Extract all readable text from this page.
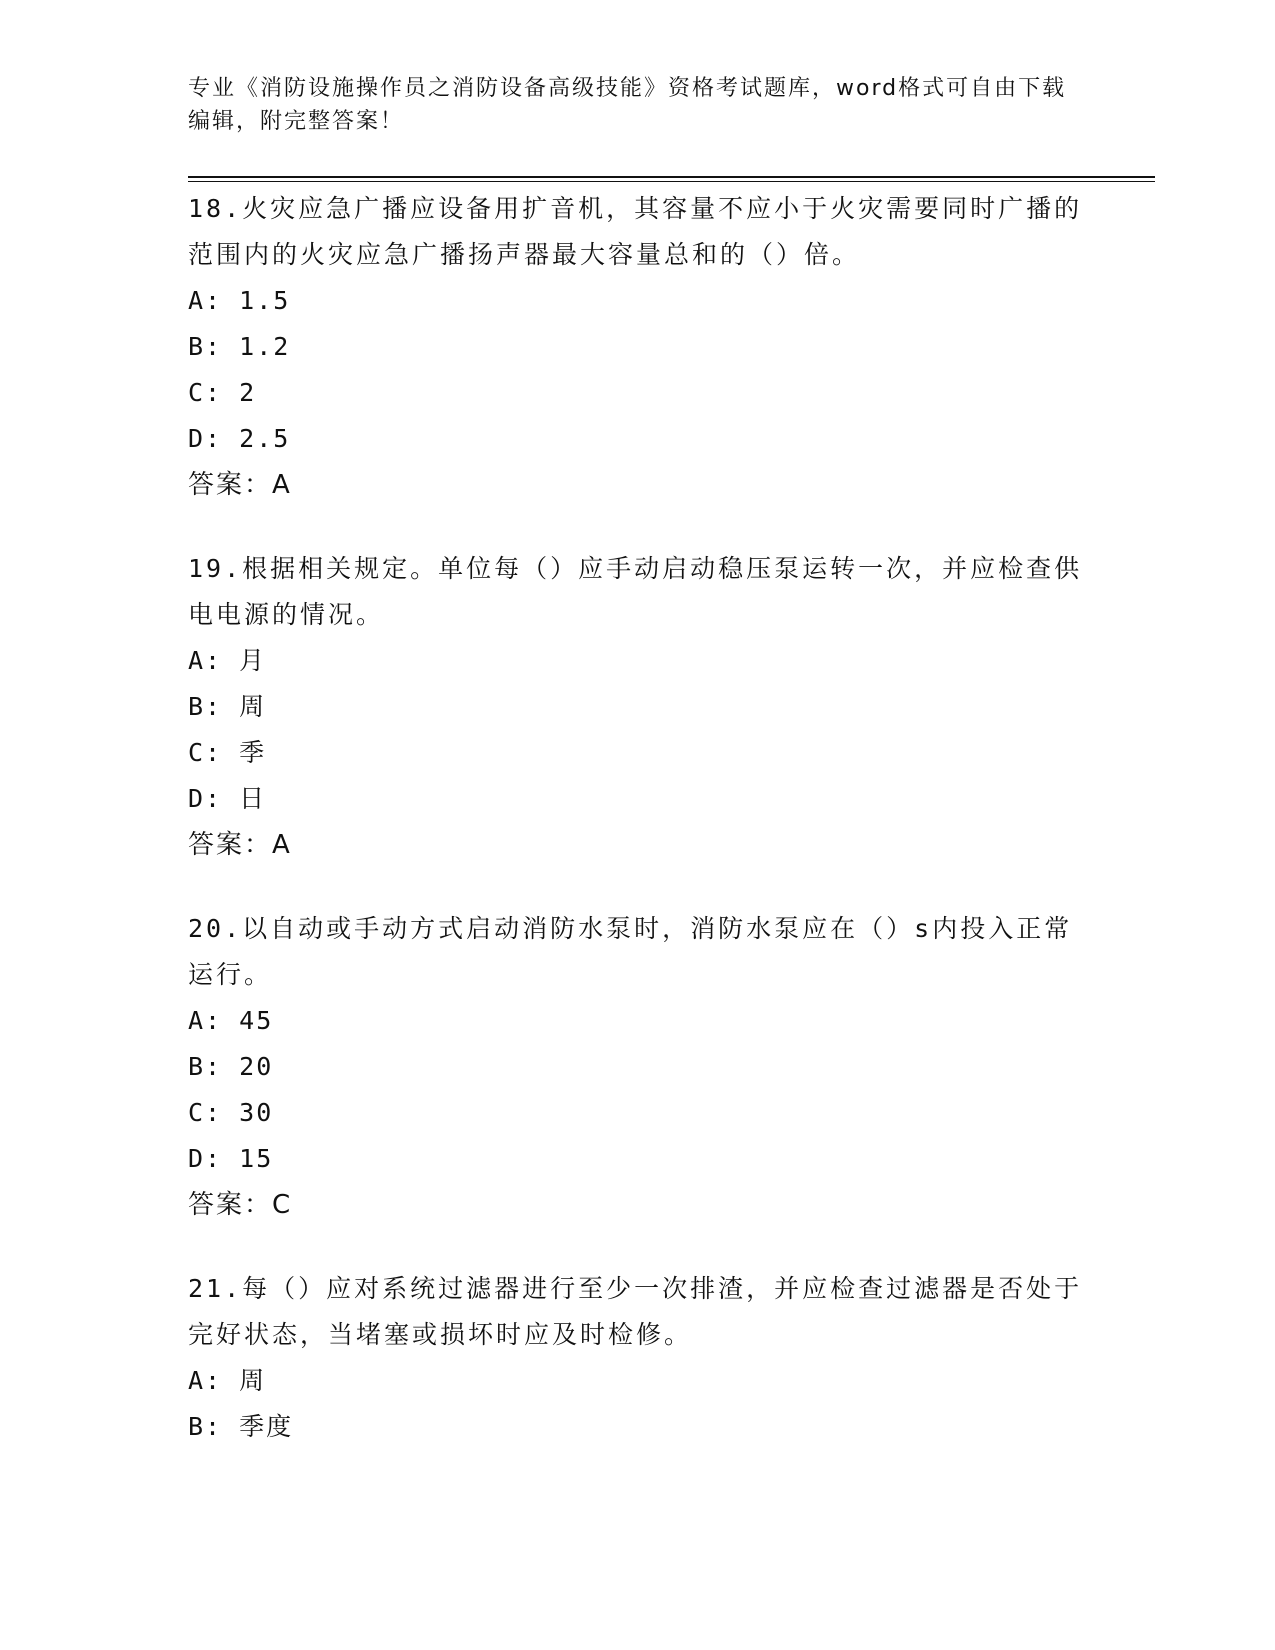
专业《消防设施操作员之消防设备高级技能》资格考试题库，word格式可自由下载编辑，附完整答案！

18.火灾应急广播应设备用扩音机，其容量不应小于火灾需要同时广播的范围内的火灾应急广播扬声器最大容量总和的（）倍。

A: 1.5
B: 1.2
C: 2
D: 2.5
答案：A

19.根据相关规定。单位每（）应手动启动稳压泵运转一次，并应检查供电电源的情况。

A: 月
B: 周
C: 季
D: 日
答案：A

20.以自动或手动方式启动消防水泵时，消防水泵应在（）s内投入正常运行。

A: 45
B: 20
C: 30
D: 15
答案：C

21.每（）应对系统过滤器进行至少一次排渣，并应检查过滤器是否处于完好状态，当堵塞或损坏时应及时检修。

A: 周
B: 季度
